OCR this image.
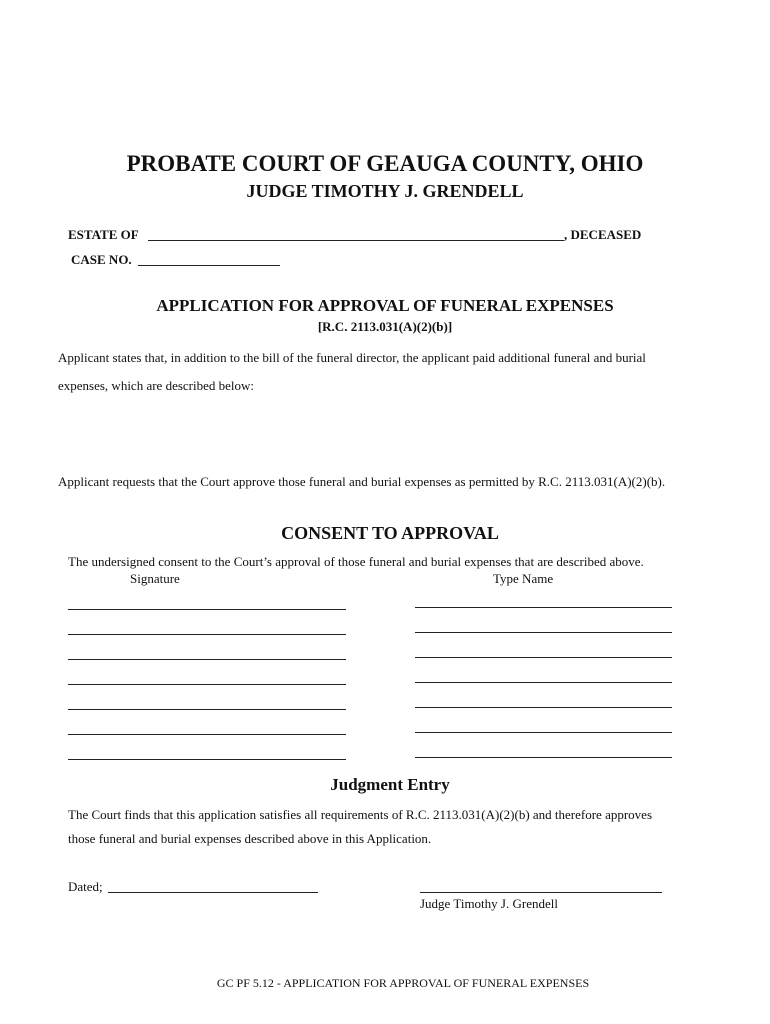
PROBATE COURT OF GEAUGA COUNTY, OHIO
JUDGE TIMOTHY J. GRENDELL
ESTATE OF	, DECEASED
CASE NO.
APPLICATION FOR APPROVAL OF FUNERAL EXPENSES
[R.C. 2113.031(A)(2)(b)]
Applicant states that, in addition to the bill of the funeral director, the applicant paid additional funeral and burial
expenses, which are described below:
Applicant requests that the Court approve those funeral and burial expenses as permitted by R.C. 2113.031(A)(2)(b).
CONSENT TO APPROVAL
The undersigned consent to the Court’s approval of those funeral and burial expenses that are described above.
Signature	Type Name
Judgment Entry
The Court finds that this application satisfies all requirements of R.C. 2113.031(A)(2)(b) and therefore approves
those funeral and burial expenses described above in this Application.
Dated;
Judge Timothy J. Grendell
GC PF 5.12 - APPLICATION FOR APPROVAL OF FUNERAL EXPENSES
